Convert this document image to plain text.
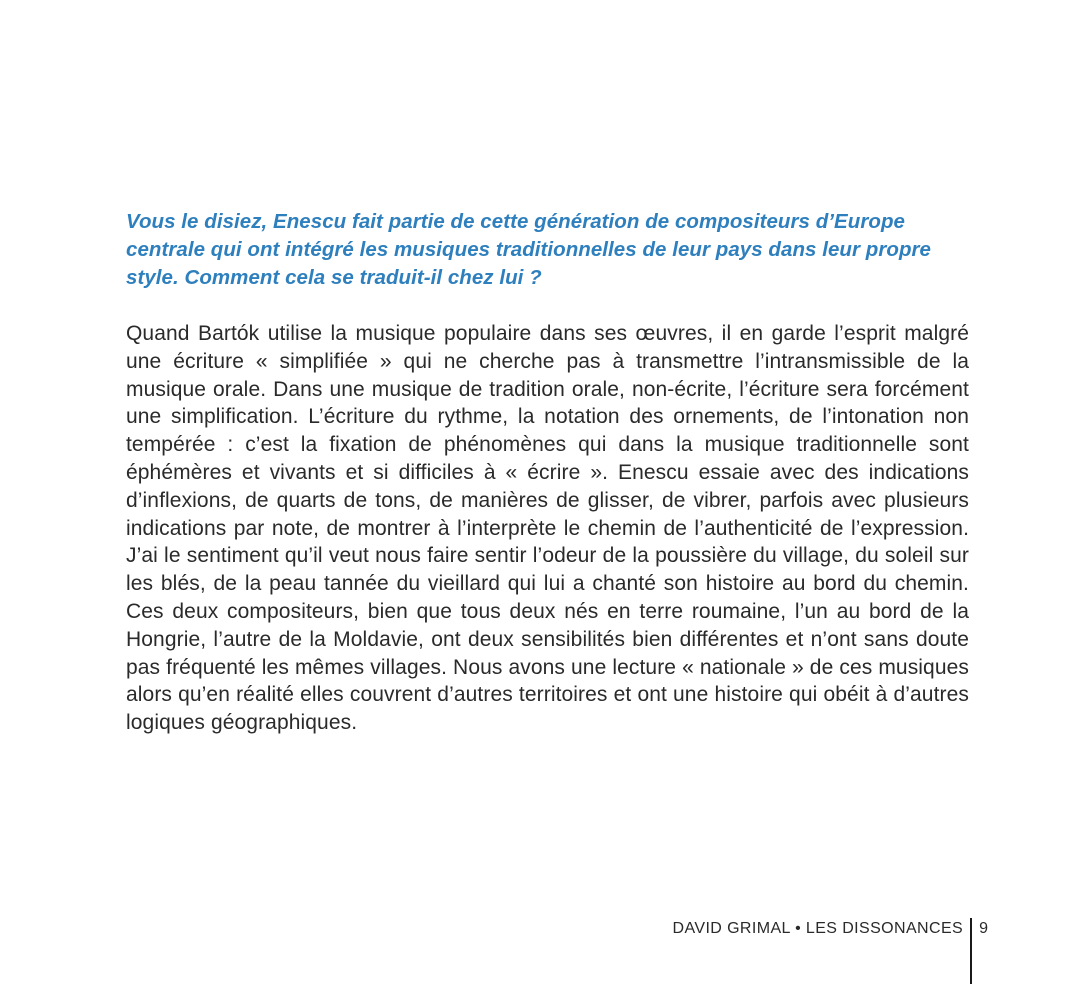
Vous le disiez, Enescu fait partie de cette génération de compositeurs d’Europe centrale qui ont intégré les musiques traditionnelles de leur pays dans leur propre style. Comment cela se traduit-il chez lui ?

Quand Bartók utilise la musique populaire dans ses œuvres, il en garde l’esprit malgré une écriture « simplifiée » qui ne cherche pas à transmettre l’intransmissible de la musique orale. Dans une musique de tradition orale, non-écrite, l’écriture sera forcément une simplification. L’écriture du rythme, la notation des ornements, de l’intonation non tempérée : c’est la fixation de phénomènes qui dans la musique traditionnelle sont éphémères et vivants et si difficiles à « écrire ». Enescu essaie avec des indications d’inflexions, de quarts de tons, de manières de glisser, de vibrer, parfois avec plusieurs indications par note, de montrer à l’interprète le chemin de l’authenticité de l’expression. J’ai le sentiment qu’il veut nous faire sentir l’odeur de la poussière du village, du soleil sur les blés, de la peau tannée du vieillard qui lui a chanté son histoire au bord du chemin. Ces deux compositeurs, bien que tous deux nés en terre roumaine, l’un au bord de la Hongrie, l’autre de la Moldavie, ont deux sensibilités bien différentes et n’ont sans doute pas fréquenté les mêmes villages. Nous avons une lecture « nationale » de ces musiques alors qu’en réalité elles couvrent d’autres territoires et ont une histoire qui obéit à d’autres logiques géographiques.

DAVID GRIMAL • LES DISSONANCES	9
